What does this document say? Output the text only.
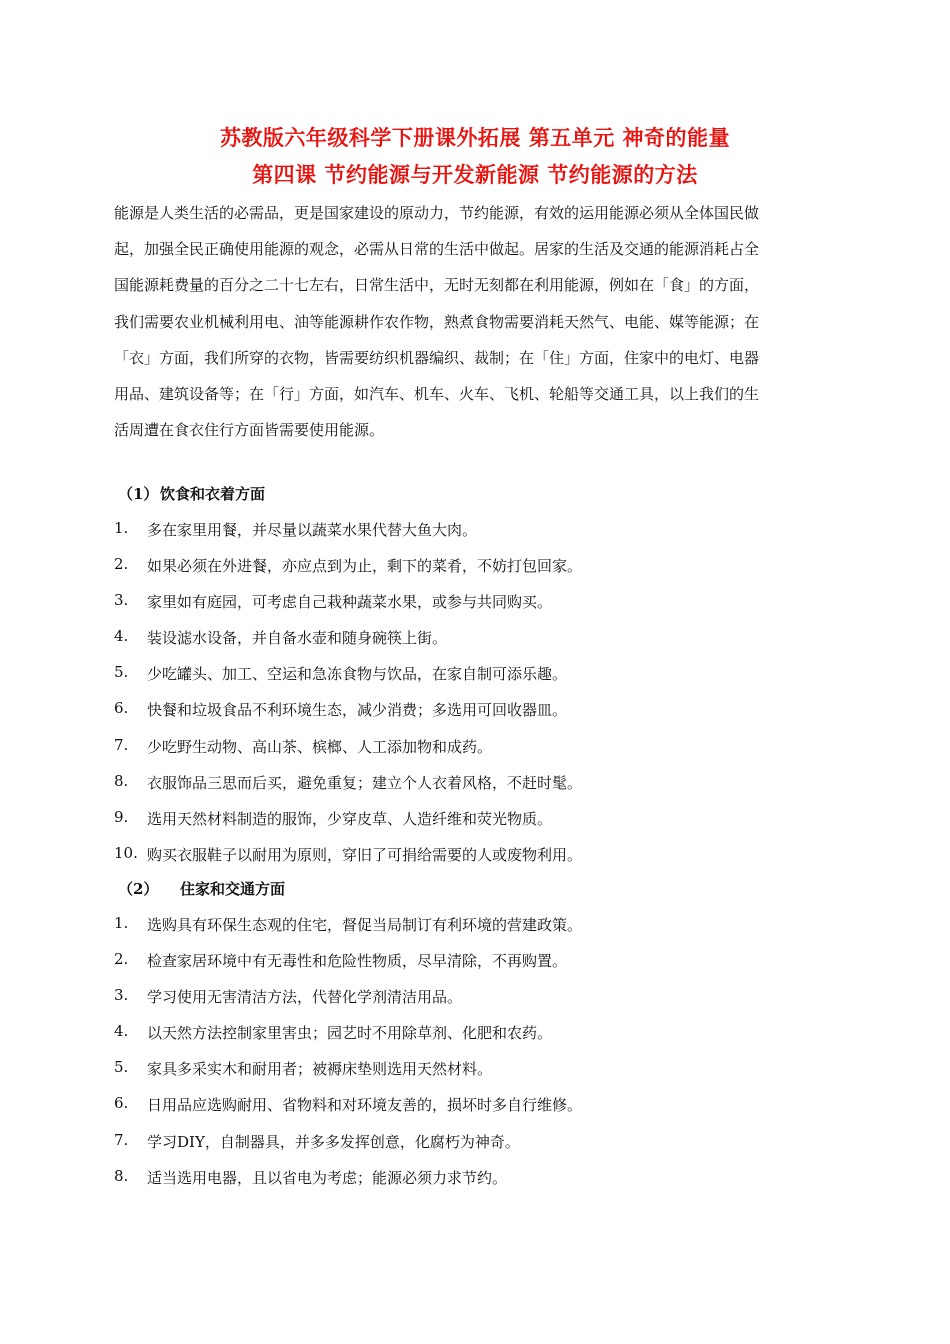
苏教版六年级科学下册课外拓展 第五单元 神奇的能量
第四课 节约能源与开发新能源 节约能源的方法
能源是人类生活的必需品，更是国家建设的原动力，节约能源，有效的运用能源必须从全体国民做
起，加强全民正确使用能源的观念，必需从日常的生活中做起。居家的生活及交通的能源消耗占全
国能源耗费量的百分之二十七左右，日常生活中，无时无刻都在利用能源，例如在「食」的方面，
我们需要农业机械利用电、油等能源耕作农作物，熟煮食物需要消耗天然气、电能、媒等能源；在
「衣」方面，我们所穿的衣物，皆需要纺织机器编织、裁制；在「住」方面，住家中的电灯、电器
用品、建筑设备等；在「行」方面，如汽车、机车、火车、飞机、轮船等交通工具，以上我们的生
活周遭在食衣住行方面皆需要使用能源。
（1） 饮食和衣着方面
1. 多在家里用餐，并尽量以蔬菜水果代替大鱼大肉。
2. 如果必须在外进餐，亦应点到为止，剩下的菜肴，不妨打包回家。
3. 家里如有庭园，可考虑自己栽种蔬菜水果，或参与共同购买。
4. 装设滤水设备，并自备水壶和随身碗筷上街。
5. 少吃罐头、加工、空运和急冻食物与饮品，在家自制可添乐趣。
6. 快餐和垃圾食品不利环境生态，减少消费；多选用可回收器皿。
7. 少吃野生动物、高山茶、槟榔、人工添加物和成药。
8. 衣服饰品三思而后买，避免重复；建立个人衣着风格，不赶时髦。
9. 选用天然材料制造的服饰，少穿皮草、人造纤维和荧光物质。
10. 购买衣服鞋子以耐用为原则，穿旧了可捐给需要的人或废物利用。
（2） 住家和交通方面
1. 选购具有环保生态观的住宅，督促当局制订有利环境的营建政策。
2. 检查家居环境中有无毒性和危险性物质，尽早清除，不再购置。
3. 学习使用无害清洁方法，代替化学剂清洁用品。
4. 以天然方法控制家里害虫；园艺时不用除草剂、化肥和农药。
5. 家具多采实木和耐用者；被褥床垫则选用天然材料。
6. 日用品应选购耐用、省物料和对环境友善的，损坏时多自行维修。
7. 学习DIY，自制器具，并多多发挥创意，化腐朽为神奇。
8. 适当选用电器，且以省电为考虑；能源必须力求节约。
